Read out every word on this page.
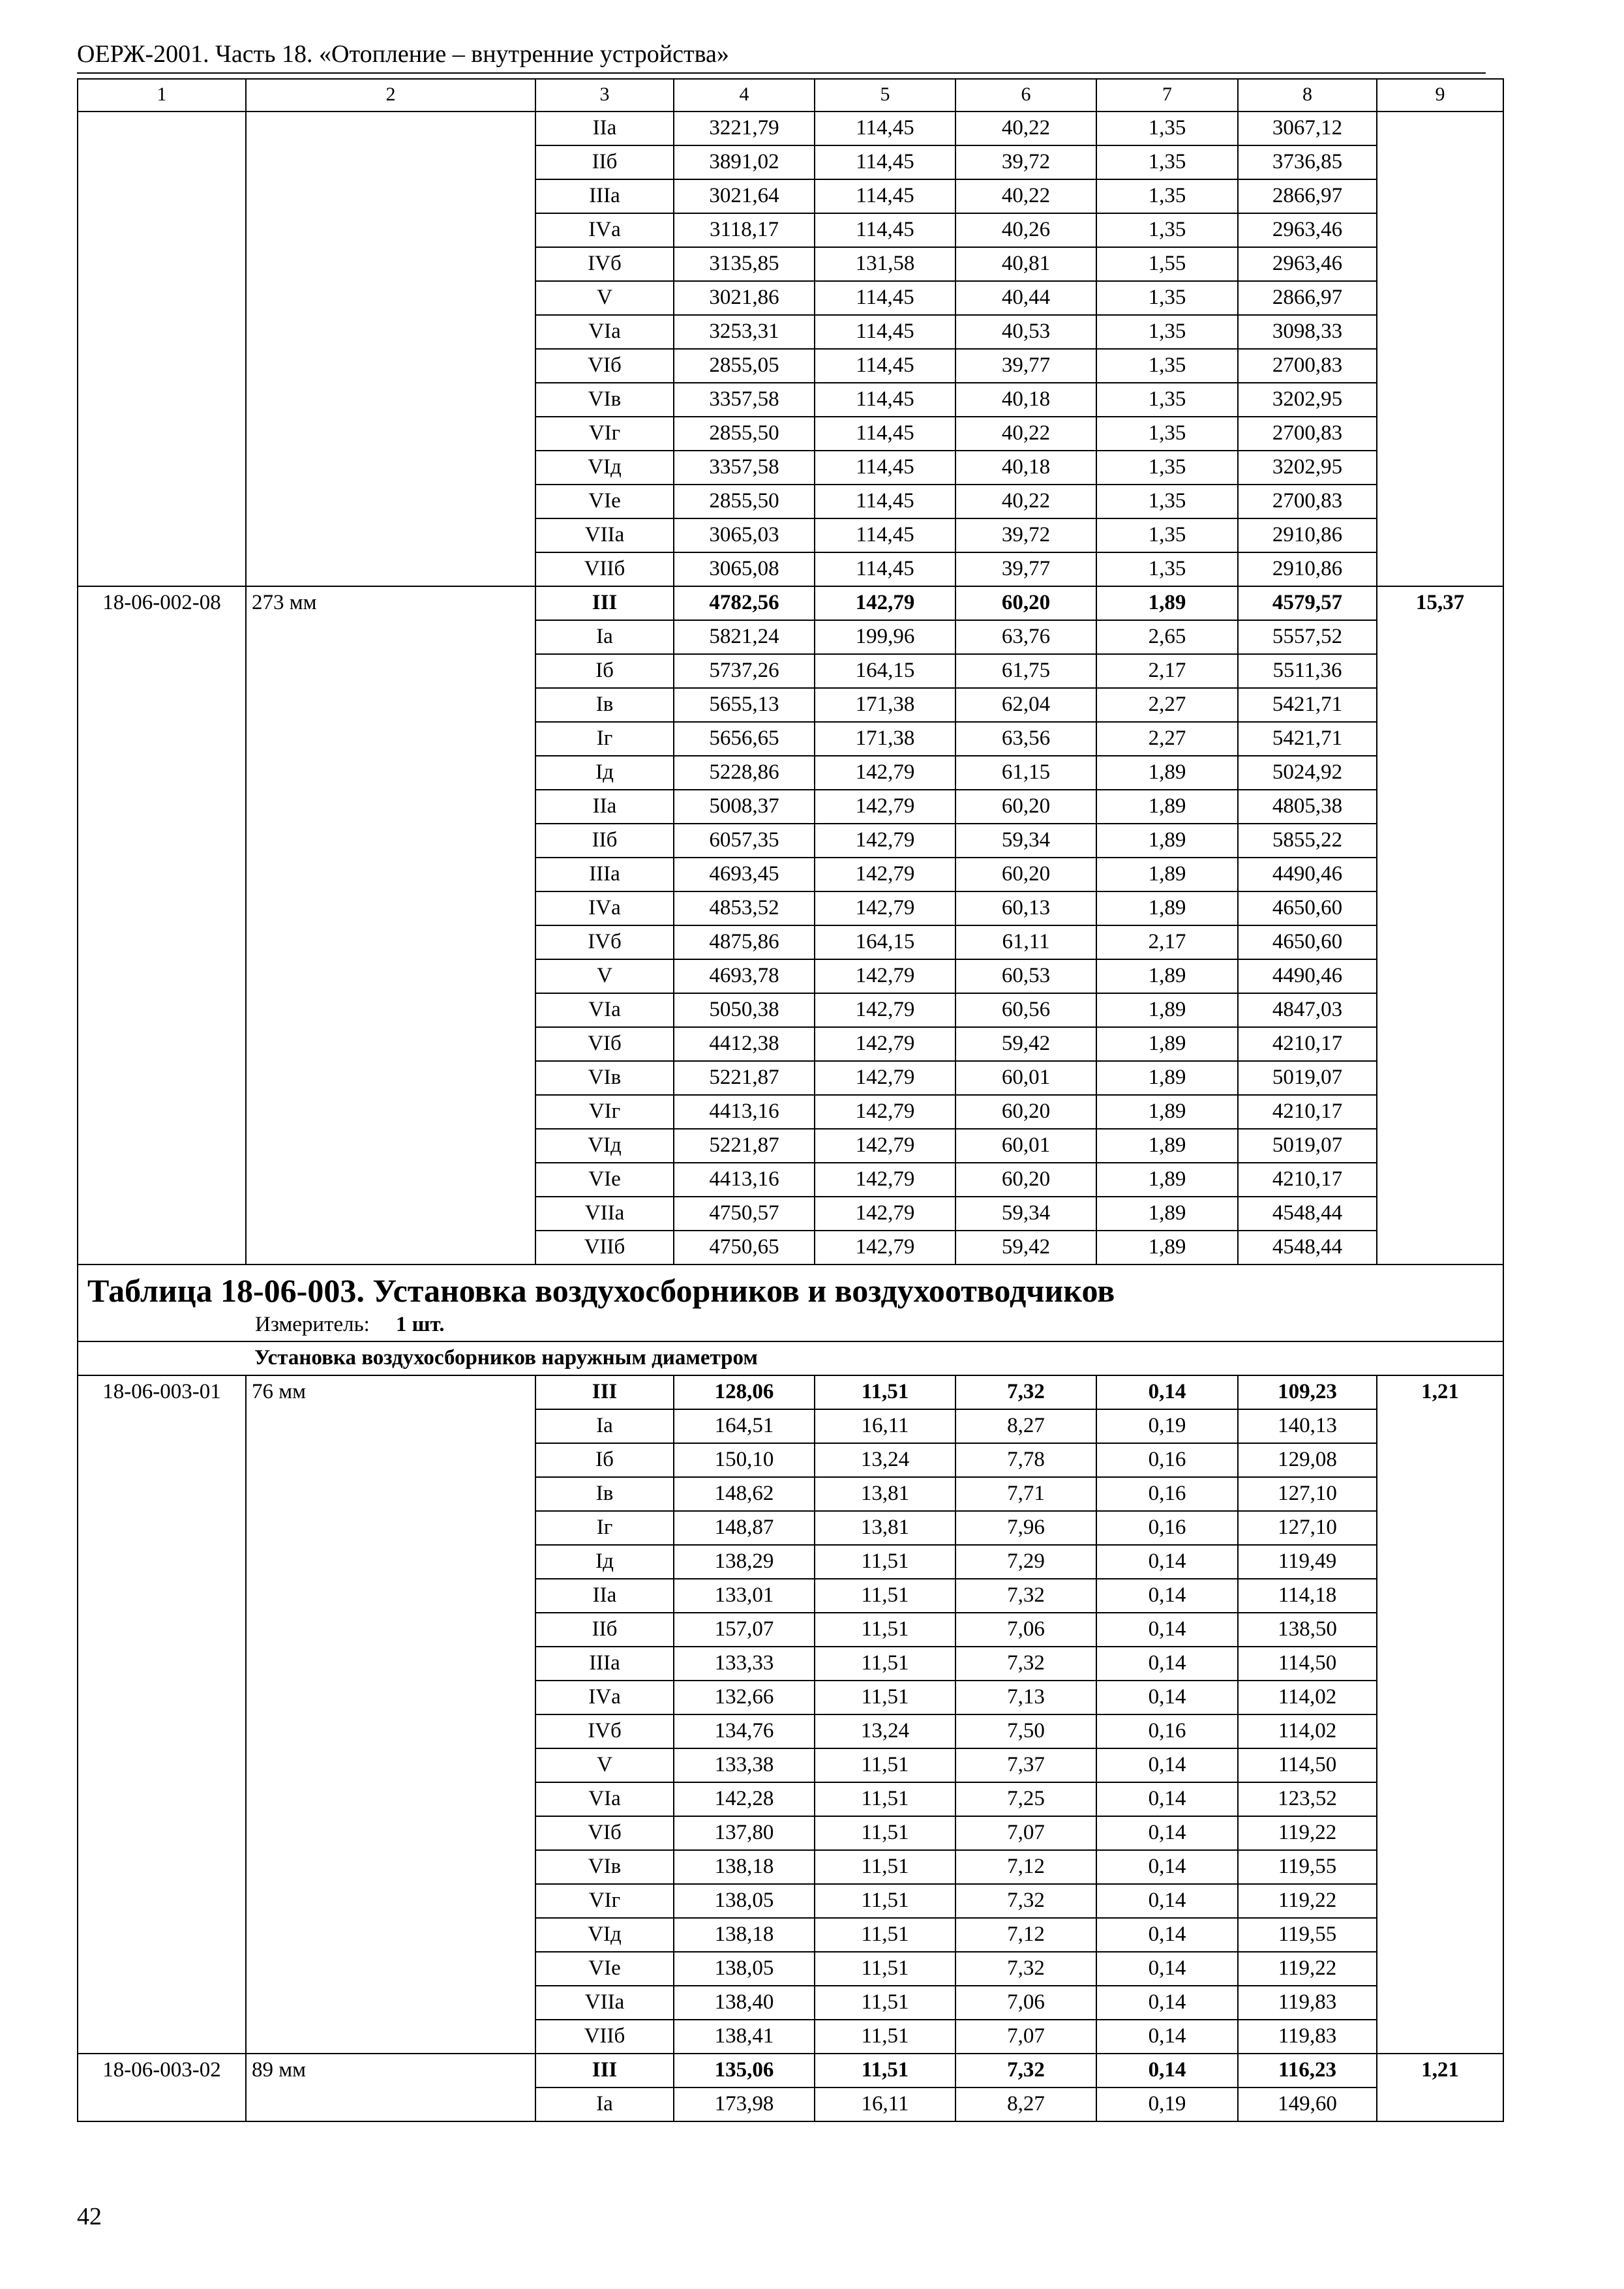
ОЕРЖ-2001. Часть 18. «Отопление – внутренние устройства»
1	2	3	4	5	6	7	8	9
		IIа	3221,79	114,45	40,22	1,35	3067,12	
		IIб	3891,02	114,45	39,72	1,35	3736,85	
		IIIа	3021,64	114,45	40,22	1,35	2866,97	
		IVа	3118,17	114,45	40,26	1,35	2963,46	
		IVб	3135,85	131,58	40,81	1,55	2963,46	
		V	3021,86	114,45	40,44	1,35	2866,97	
		VIа	3253,31	114,45	40,53	1,35	3098,33	
		VIб	2855,05	114,45	39,77	1,35	2700,83	
		VIв	3357,58	114,45	40,18	1,35	3202,95	
		VIг	2855,50	114,45	40,22	1,35	2700,83	
		VIд	3357,58	114,45	40,18	1,35	3202,95	
		VIе	2855,50	114,45	40,22	1,35	2700,83	
		VIIа	3065,03	114,45	39,72	1,35	2910,86	
		VIIб	3065,08	114,45	39,77	1,35	2910,86	
18-06-002-08	273 мм	III	4782,56	142,79	60,20	1,89	4579,57	15,37
		Iа	5821,24	199,96	63,76	2,65	5557,52	
		Iб	5737,26	164,15	61,75	2,17	5511,36	
		Iв	5655,13	171,38	62,04	2,27	5421,71	
		Iг	5656,65	171,38	63,56	2,27	5421,71	
		Iд	5228,86	142,79	61,15	1,89	5024,92	
		IIа	5008,37	142,79	60,20	1,89	4805,38	
		IIб	6057,35	142,79	59,34	1,89	5855,22	
		IIIа	4693,45	142,79	60,20	1,89	4490,46	
		IVа	4853,52	142,79	60,13	1,89	4650,60	
		IVб	4875,86	164,15	61,11	2,17	4650,60	
		V	4693,78	142,79	60,53	1,89	4490,46	
		VIа	5050,38	142,79	60,56	1,89	4847,03	
		VIб	4412,38	142,79	59,42	1,89	4210,17	
		VIв	5221,87	142,79	60,01	1,89	5019,07	
		VIг	4413,16	142,79	60,20	1,89	4210,17	
		VIд	5221,87	142,79	60,01	1,89	5019,07	
		VIе	4413,16	142,79	60,20	1,89	4210,17	
		VIIа	4750,57	142,79	59,34	1,89	4548,44	
		VIIб	4750,65	142,79	59,42	1,89	4548,44	

Таблица 18-06-003. Установка воздухосборников и воздухоотводчиков
Измеритель: 1 шт.								

Установка воздухосборников наружным диаметром								
18-06-003-01	76 мм	III	128,06	11,51	7,32	0,14	109,23	1,21
		Iа	164,51	16,11	8,27	0,19	140,13	
		Iб	150,10	13,24	7,78	0,16	129,08	
		Iв	148,62	13,81	7,71	0,16	127,10	
		Iг	148,87	13,81	7,96	0,16	127,10	
		Iд	138,29	11,51	7,29	0,14	119,49	
		IIа	133,01	11,51	7,32	0,14	114,18	
		IIб	157,07	11,51	7,06	0,14	138,50	
		IIIа	133,33	11,51	7,32	0,14	114,50	
		IVа	132,66	11,51	7,13	0,14	114,02	
		IVб	134,76	13,24	7,50	0,16	114,02	
		V	133,38	11,51	7,37	0,14	114,50	
		VIа	142,28	11,51	7,25	0,14	123,52	
		VIб	137,80	11,51	7,07	0,14	119,22	
		VIв	138,18	11,51	7,12	0,14	119,55	
		VIг	138,05	11,51	7,32	0,14	119,22	
		VIд	138,18	11,51	7,12	0,14	119,55	
		VIе	138,05	11,51	7,32	0,14	119,22	
		VIIа	138,40	11,51	7,06	0,14	119,83	
		VIIб	138,41	11,51	7,07	0,14	119,83	
18-06-003-02	89 мм	III	135,06	11,51	7,32	0,14	116,23	1,21
		Iа	173,98	16,11	8,27	0,19	149,60	
42
